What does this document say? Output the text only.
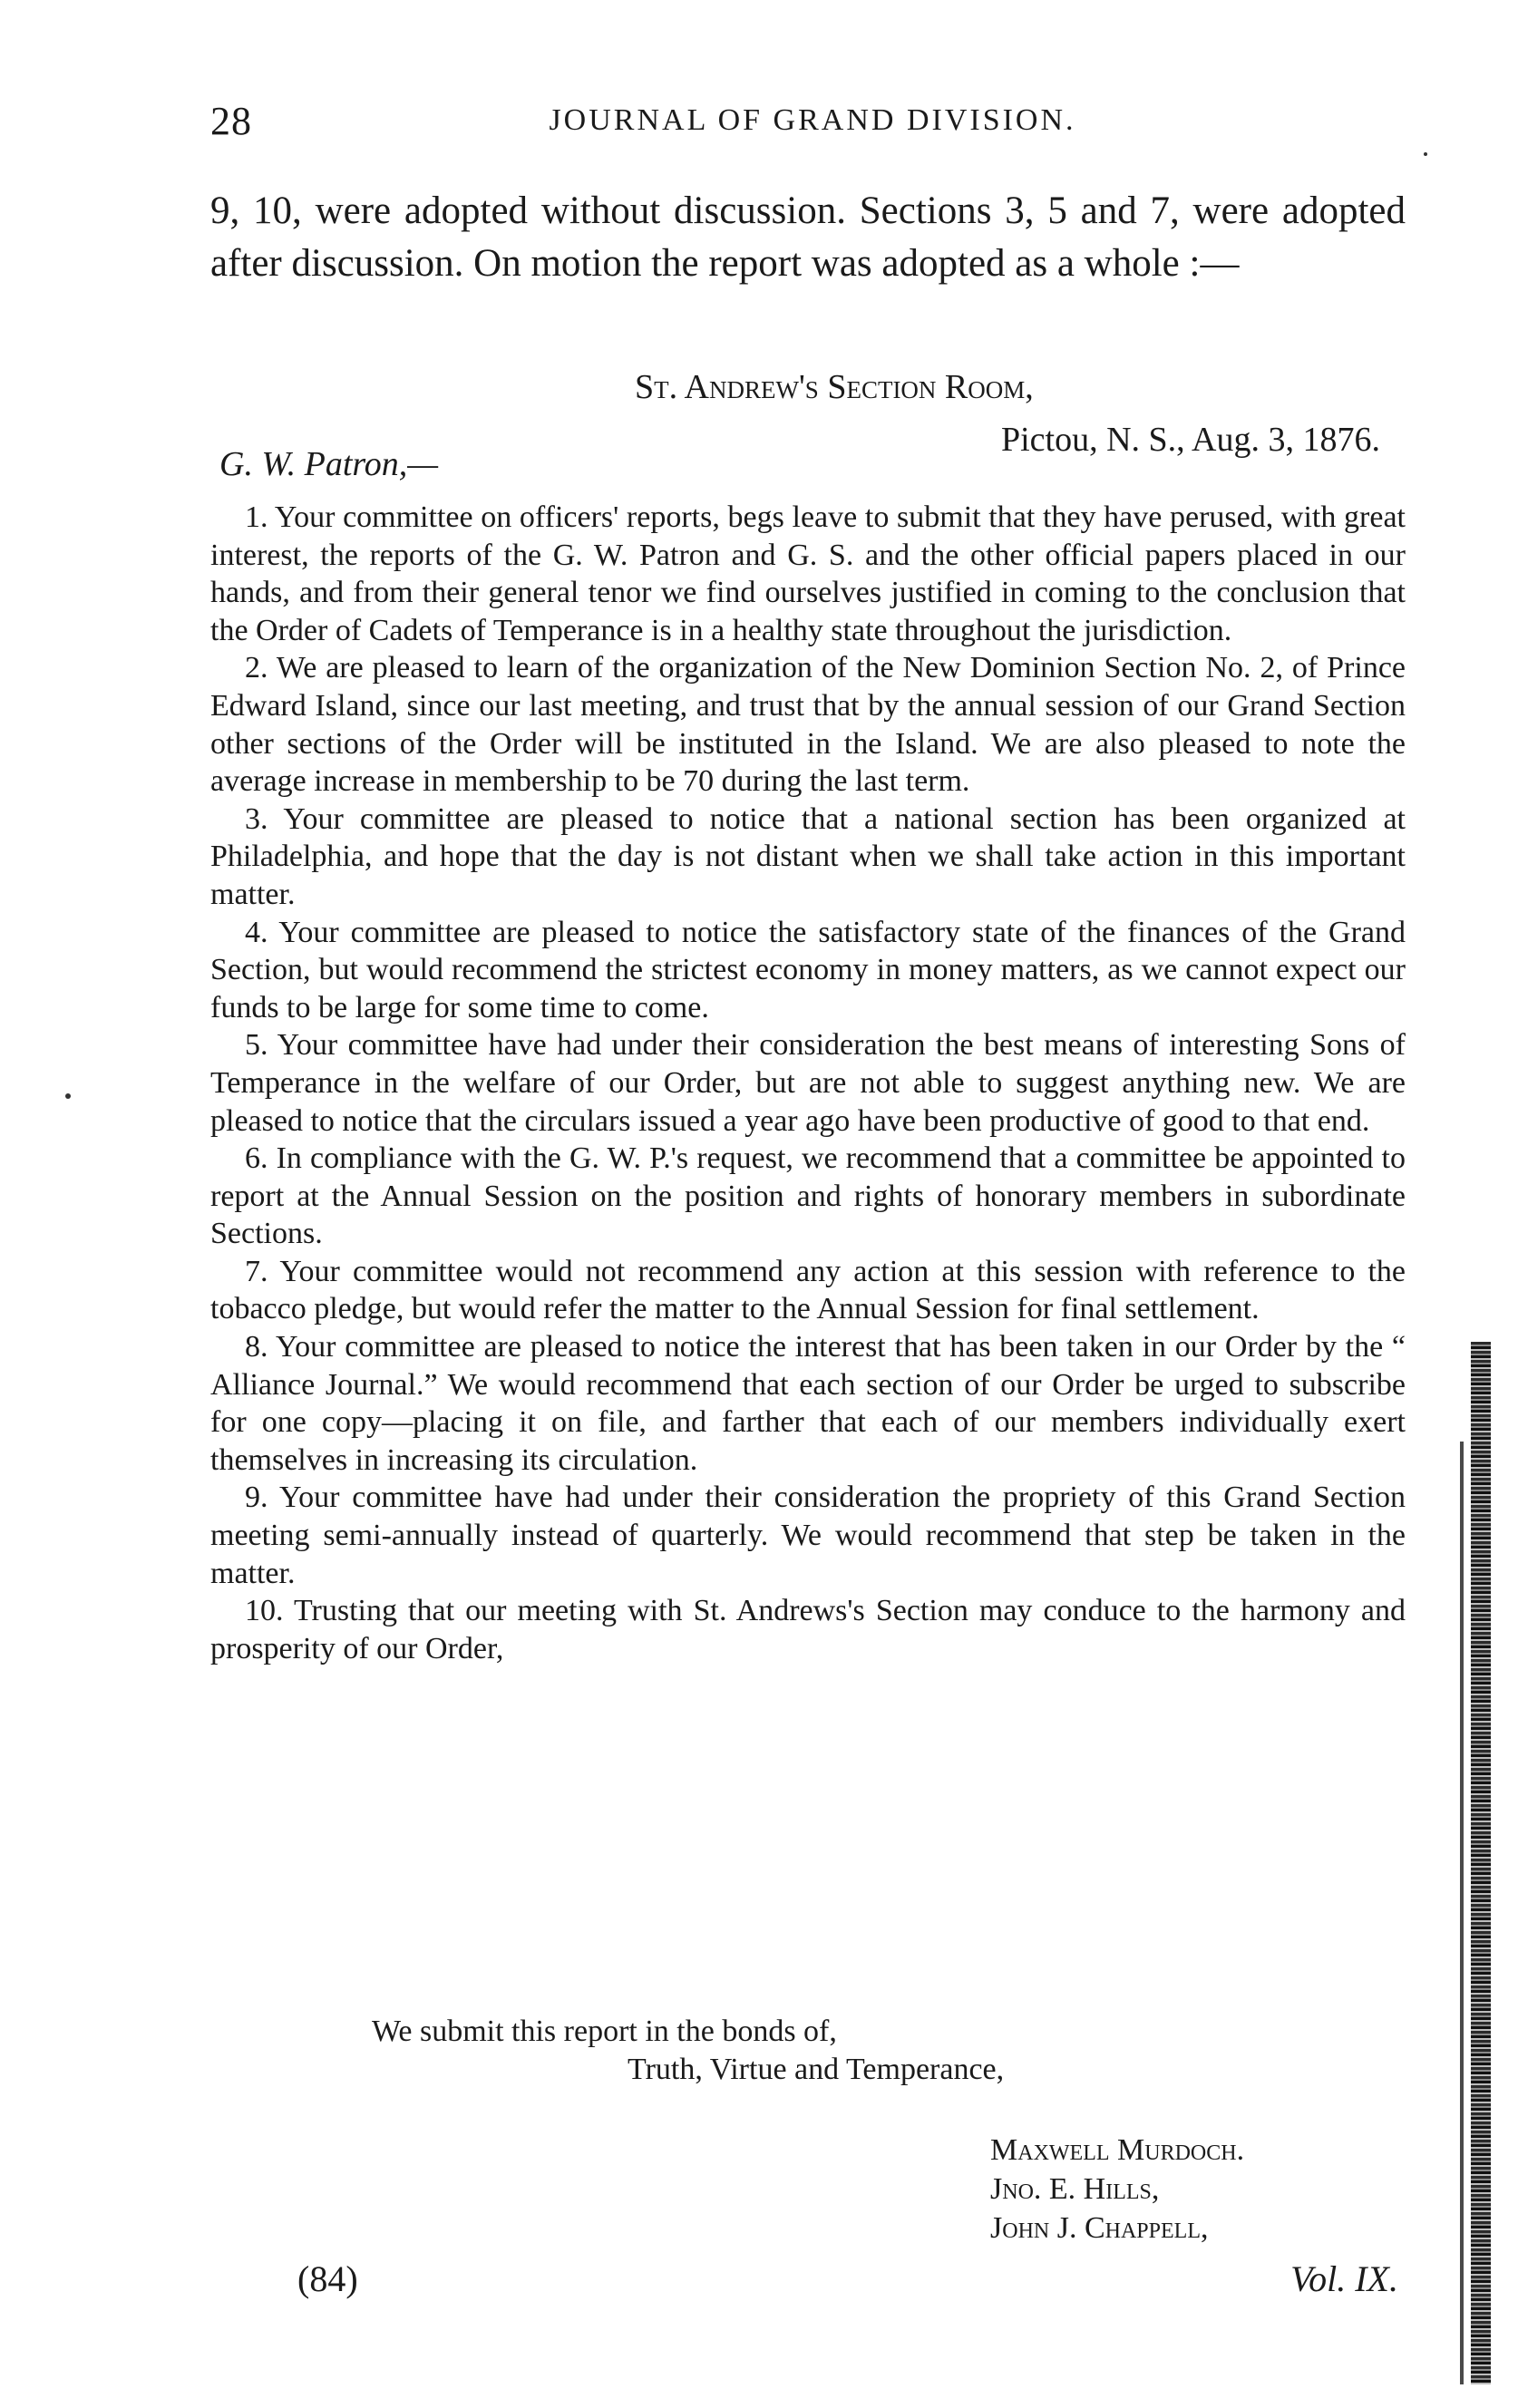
28	JOURNAL OF GRAND DIVISION.

9, 10, were adopted without discussion. Sections 3, 5 and 7, were adopted after discussion. On motion the report was adopted as a whole :—

St. Andrew's Section Room,
Pictou, N. S., Aug. 3, 1876.
G. W. Patron,—

1. Your committee on officers' reports, begs leave to submit that they have perused, with great interest, the reports of the G. W. Patron and G. S. and the other official papers placed in our hands, and from their general tenor we find ourselves justified in coming to the conclusion that the Order of Cadets of Temperance is in a healthy state throughout the jurisdiction.

2. We are pleased to learn of the organization of the New Dominion Section No. 2, of Prince Edward Island, since our last meeting, and trust that by the annual session of our Grand Section other sections of the Order will be instituted in the Island. We are also pleased to note the average increase in membership to be 70 during the last term.

3. Your committee are pleased to notice that a national section has been organized at Philadelphia, and hope that the day is not distant when we shall take action in this important matter.

4. Your committee are pleased to notice the satisfactory state of the finances of the Grand Section, but would recommend the strictest economy in money matters, as we cannot expect our funds to be large for some time to come.

5. Your committee have had under their consideration the best means of interesting Sons of Temperance in the welfare of our Order, but are not able to suggest anything new. We are pleased to notice that the circulars issued a year ago have been productive of good to that end.

6. In compliance with the G. W. P.'s request, we recommend that a committee be appointed to report at the Annual Session on the position and rights of honorary members in subordinate Sections.

7. Your committee would not recommend any action at this session with reference to the tobacco pledge, but would refer the matter to the Annual Session for final settlement.

8. Your committee are pleased to notice the interest that has been taken in our Order by the “ Alliance Journal.” We would recommend that each section of our Order be urged to subscribe for one copy—placing it on file, and farther that each of our members individually exert themselves in increasing its circulation.

9. Your committee have had under their consideration the propriety of this Grand Section meeting semi-annually instead of quarterly. We would recommend that step be taken in the matter.

10. Trusting that our meeting with St. Andrews's Section may conduce to the harmony and prosperity of our Order,

We submit this report in the bonds of,
Truth, Virtue and Temperance,
Maxwell Murdoch.
Jno. E. Hills,
John J. Chappell,
(84)	Vol. IX.
